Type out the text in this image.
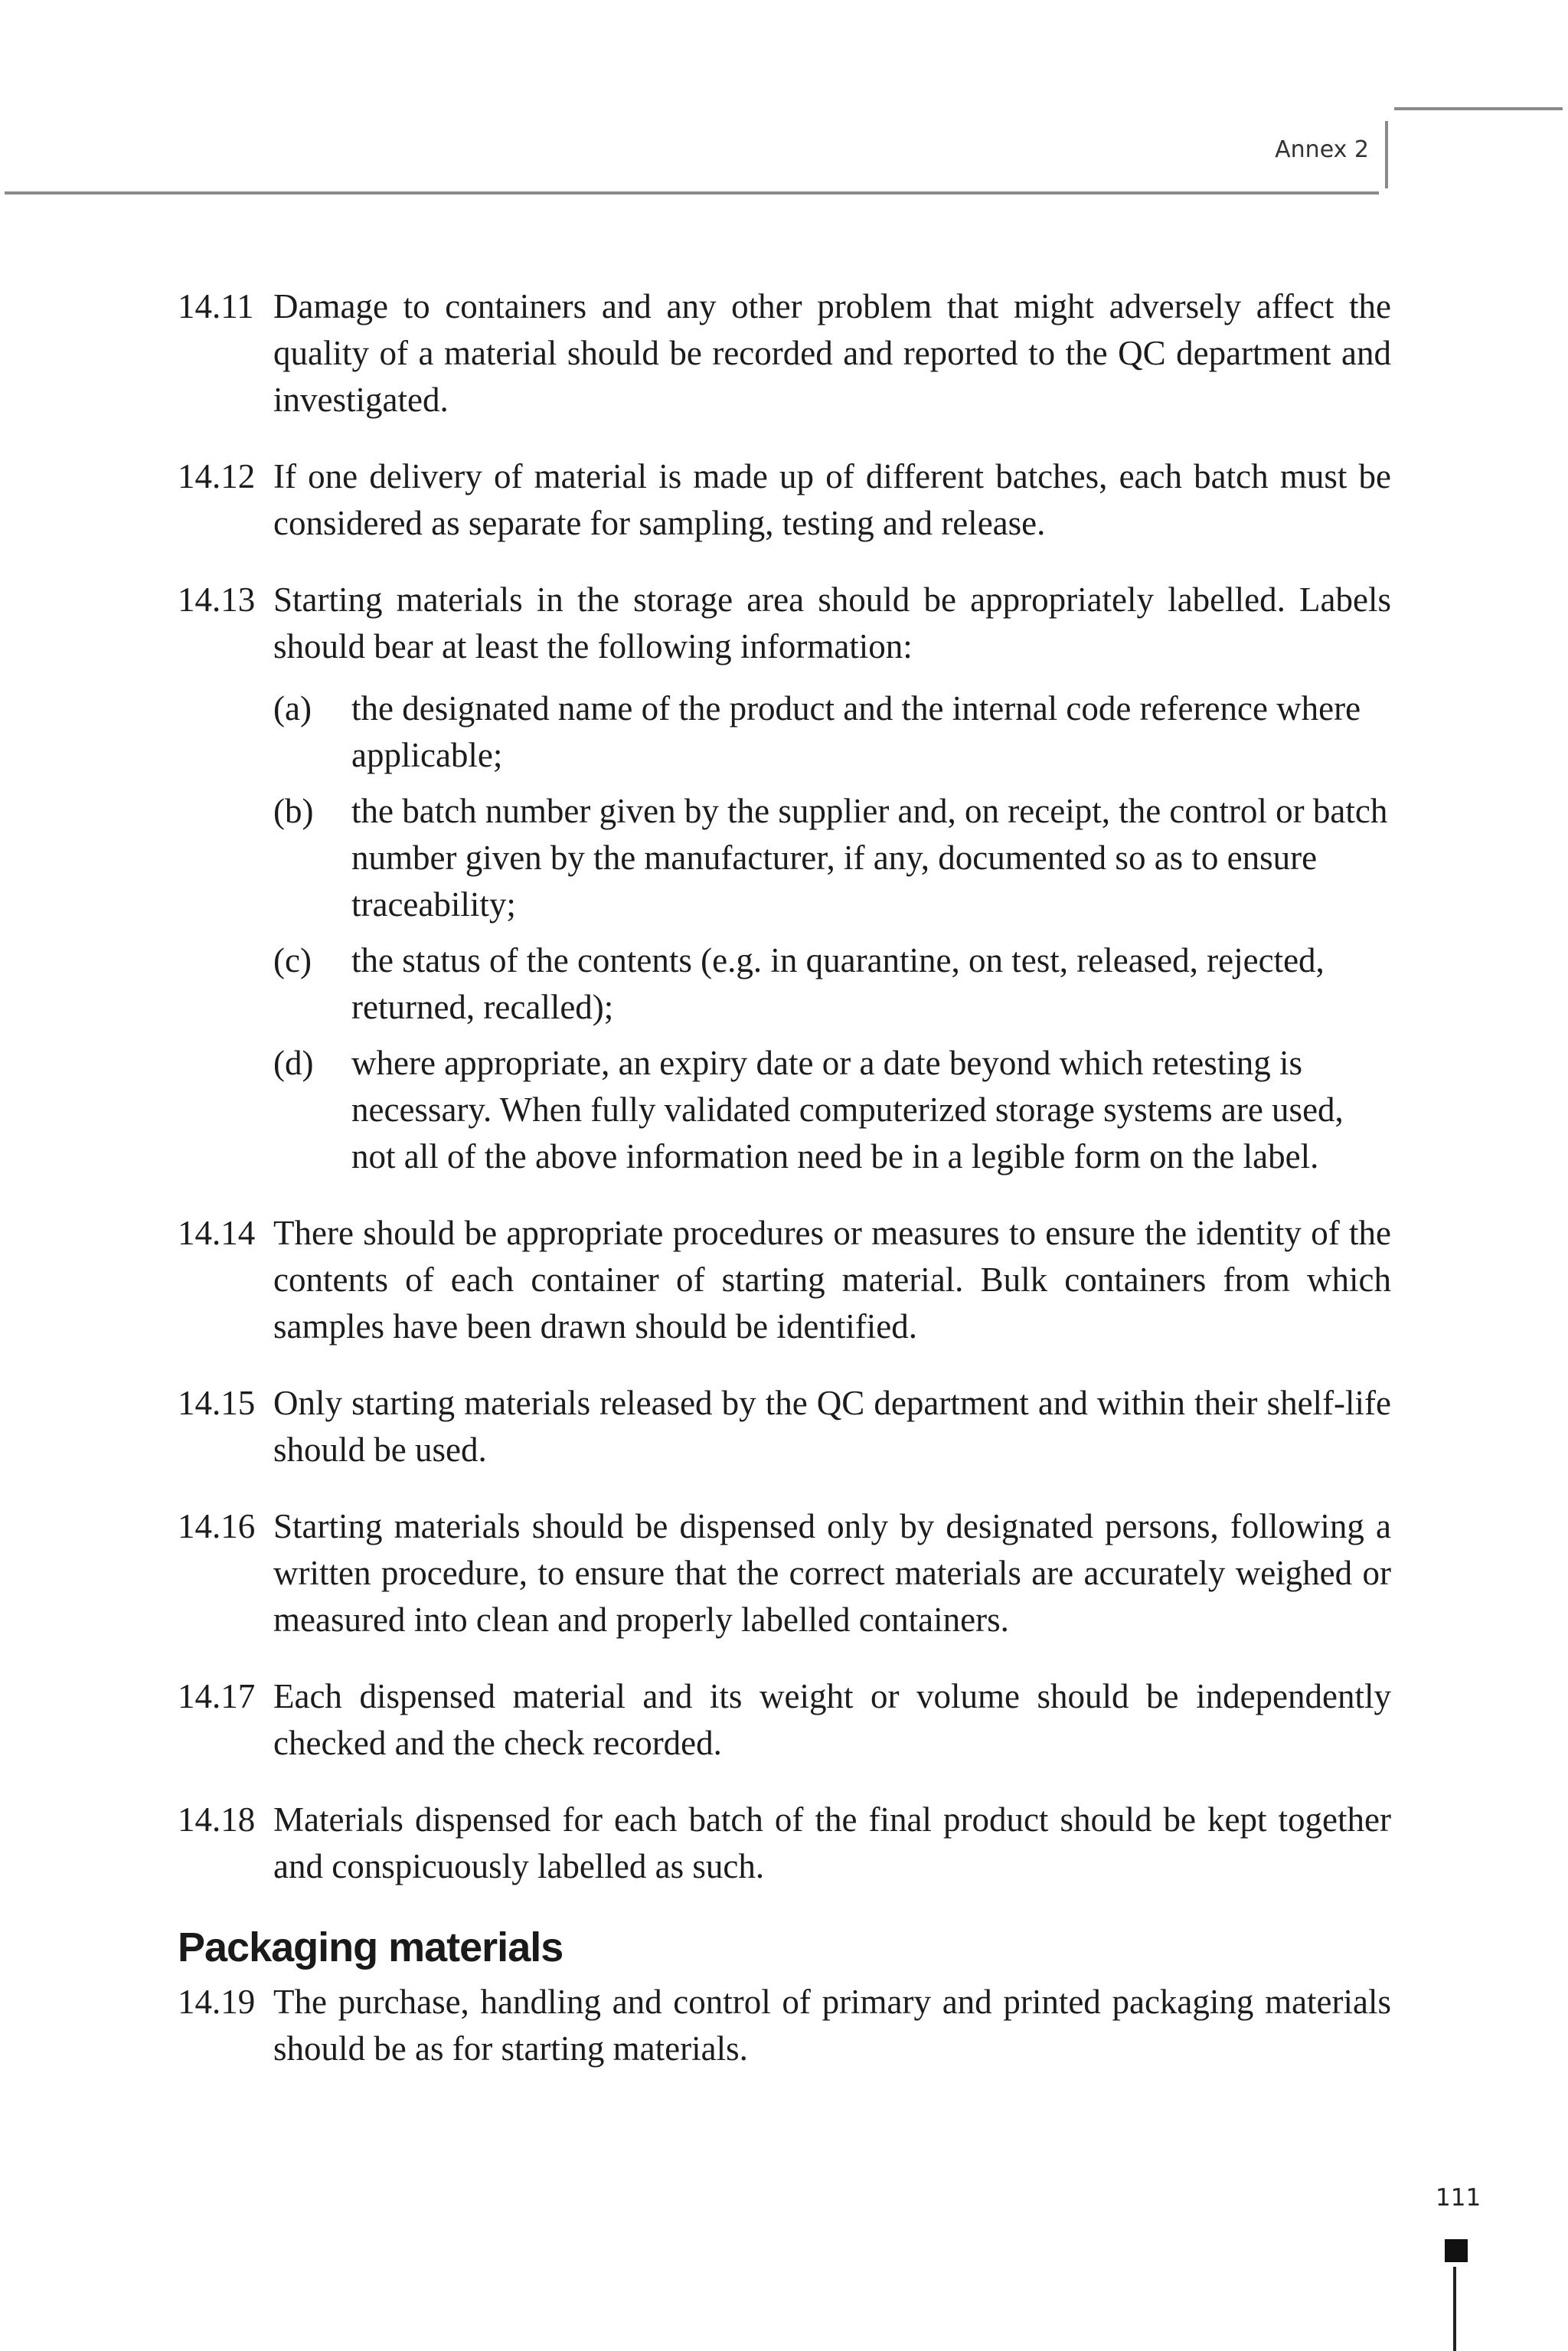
Annex 2
14.11 Damage to containers and any other problem that might adversely affect the quality of a material should be recorded and reported to the QC department and investigated.
14.12 If one delivery of material is made up of different batches, each batch must be considered as separate for sampling, testing and release.
14.13 Starting materials in the storage area should be appropriately labelled. Labels should bear at least the following information:
(a)	the designated name of the product and the internal code reference where applicable;
(b)	the batch number given by the supplier and, on receipt, the control or batch number given by the manufacturer, if any, documented so as to ensure traceability;
(c)	the status of the contents (e.g. in quarantine, on test, released, rejected, returned, recalled);
(d)	where appropriate, an expiry date or a date beyond which retesting is necessary. When fully validated computerized storage systems are used, not all of the above information need be in a legible form on the label.
14.14 There should be appropriate procedures or measures to ensure the identity of the contents of each container of starting material. Bulk containers from which samples have been drawn should be identified.
14.15 Only starting materials released by the QC department and within their shelf-life should be used.
14.16 Starting materials should be dispensed only by designated persons, following a written procedure, to ensure that the correct materials are accurately weighed or measured into clean and properly labelled containers.
14.17 Each dispensed material and its weight or volume should be independently checked and the check recorded.
14.18 Materials dispensed for each batch of the final product should be kept together and conspicuously labelled as such.
Packaging materials
14.19 The purchase, handling and control of primary and printed packaging materials should be as for starting materials.
111
